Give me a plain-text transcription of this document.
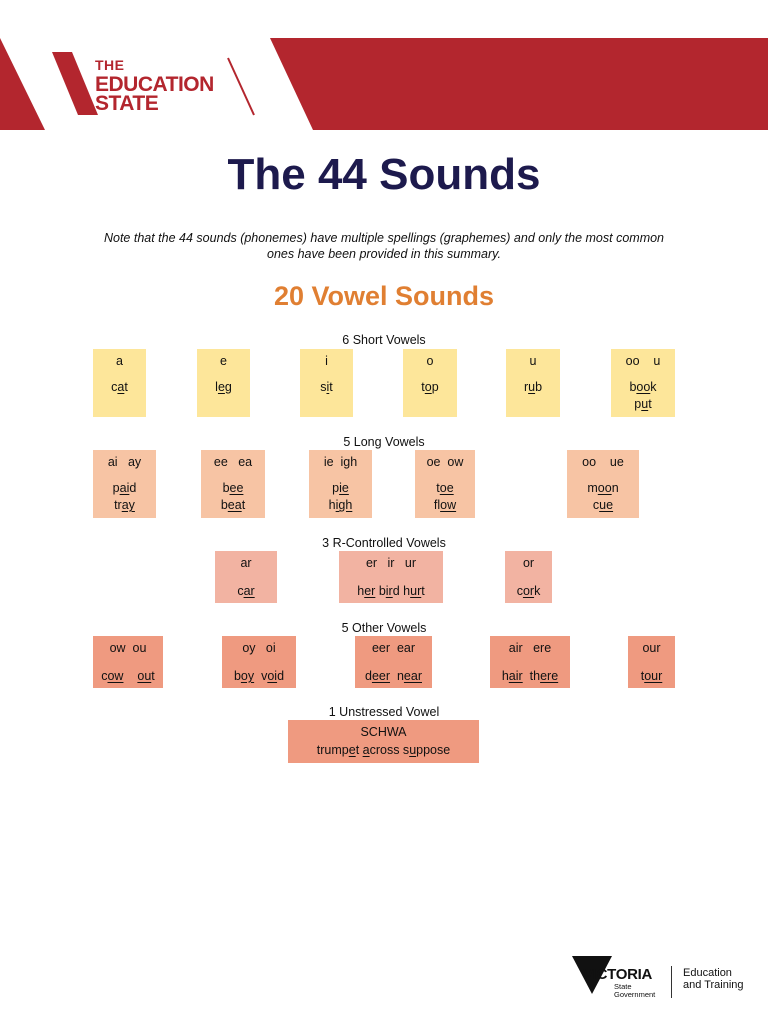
THE
EDUCATION
STATE
The 44 Sounds
Note that the 44 sounds (phonemes) have multiple spellings (graphemes) and only the most common
ones have been provided in this summary.
20 Vowel Sounds
6 Short Vowels
5 Long Vowels
3 R-Controlled Vowels
5 Other Vowels
1 Unstressed Vowel
a
cat
e
leg
i
sit
o
top
u
rub
oo    u
book
put
ai   ay
paid
tray
ee   ea
bee
beat
ie  igh
pie
high
oe  ow
toe
flow
oo    ue
moon
cue
ar
car
er   ir   ur
her bird hurt
or
cork
ow  ou
cow out
oy   oi
boy  void
eer  ear
deer  near
air   ere
hair  there
our
tour
SCHWA
trumpet across suppose
VICTORIA
State
Government
Education
and Training
